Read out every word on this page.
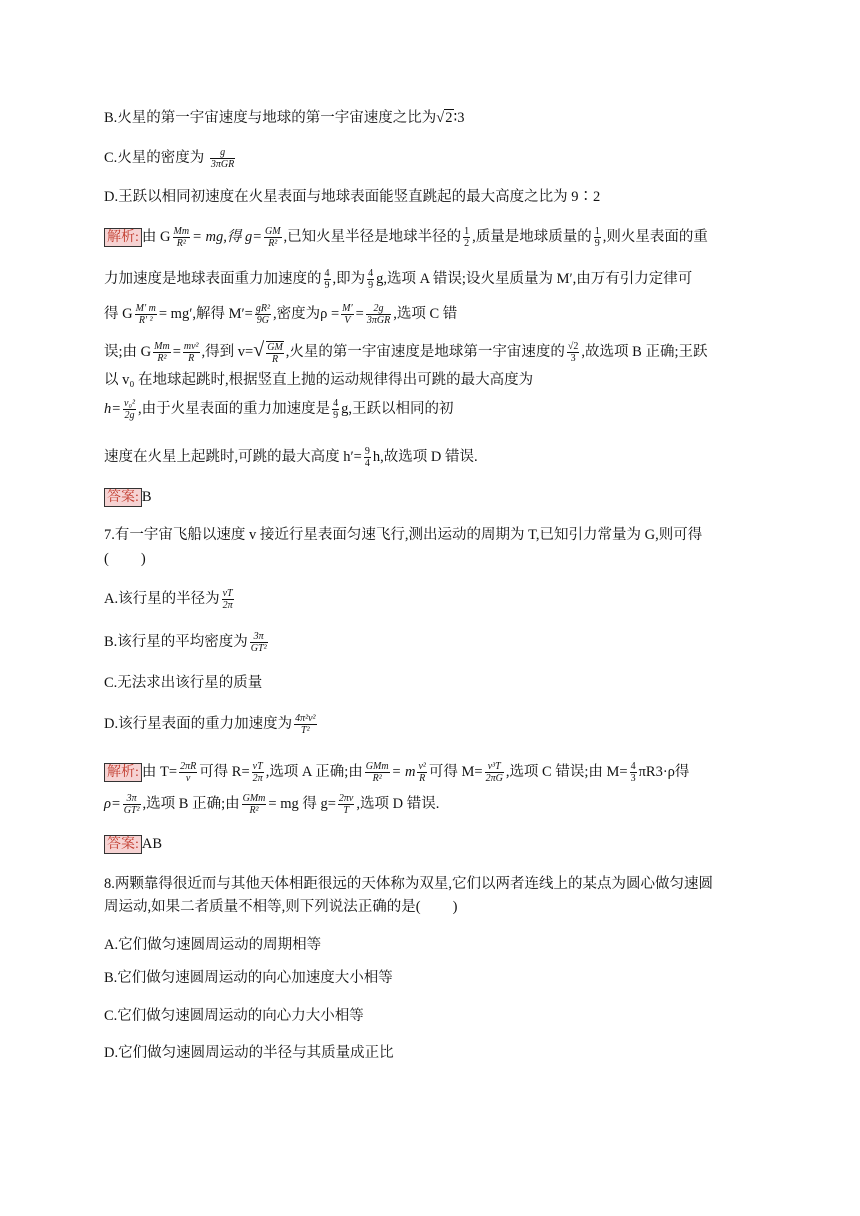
B.火星的第一宇宙速度与地球的第一宇宙速度之比为√2∶3
C.火星的密度为 $\frac{g}{\text{3πGR}}$
D.王跃以相同初速度在火星表面与地球表面能竖直跳起的最大高度之比为 9∶2
解析: 由 G $\frac{Mm}{\text{R²}}$ = mg,得 $g= \frac{GM}{\text{R²}}$ ,已知火星半径是地球半径的 $\frac{1}{2}$ ,质量是地球质量的 $\frac{1}{9}$ ,则火星表面的重
力加速度是地球表面重力加速度的 $\frac{4}{9}$ ,即为 $\frac{4}{9} g$,选项 A 错误;设火星质量为 M′,由万有引力定律可
得 G $\frac{M' m}{\text{R′ ²}} = mg'$,解得 $M'= \frac{\text{gR²}}{9G}$ ,密度为$\rho = \frac{M'}{V} = \frac{2g}{\text{3πGR}}$ ,选项 C 错
误;由 G $\frac{Mm}{\text{R²}} = \frac{\text{mv²}}{R}$ ,得到 $v=√ \frac{GM}{R}$ ,火星的第一宇宙速度是地球第一宇宙速度的 $\frac{√2}{3}$ ,故选项 B 正确;王跃
以 v₀ 在地球起跳时,根据竖直上抛的运动规律得出可跳的最大高度为
$h= \frac{\text{v₀²}}{2g}$ ,由于火星表面的重力加速度是 $\frac{4}{9} g$,王跃以相同的初
速度在火星上起跳时,可跳的最大高度 $h'= \frac{9}{4} h$,故选项 D 错误.
答案: B
7.有一宇宙飞船以速度 v 接近行星表面匀速飞行,测出运动的周期为 T,已知引力常量为 G,则可得
( )
A.该行星的半径为 $\frac{vT}{2\pi}$
B.该行星的平均密度为 $\frac{3\pi}{\text{GT²}}$
C.无法求出该行星的质量
D.该行星表面的重力加速度为 $\frac{\text{4π²v²}}{\text{T²}}$
解析: 由 $T= \frac{2\pi R}{v}$ 可得 $R= \frac{vT}{2\pi}$ ,选项 A 正确;由 $\frac{\text{GMm}}{\text{R²}} = m \frac{\text{v²}}{R}$ 可得 $M= \frac{\text{v³T}}{2\pi G}$ ,选项 C 错误;由 $M= \frac{4}{3} \pi R3\cdot\rho$得
$\rho= \frac{3\pi}{\text{GT²}}$ ,选项 B 正确;由 $\frac{\text{GMm}}{\text{R²}}$ = mg 得 $g= \frac{2\pi v}{T}$ ,选项 D 错误.
答案: AB
8.两颗靠得很近而与其他天体相距很远的天体称为双星,它们以两者连线上的某点为圆心做匀速圆
周运动,如果二者质量不相等,则下列说法正确的是( )
A.它们做匀速圆周运动的周期相等
B.它们做匀速圆周运动的向心加速度大小相等
C.它们做匀速圆周运动的向心力大小相等
D.它们做匀速圆周运动的半径与其质量成正比
